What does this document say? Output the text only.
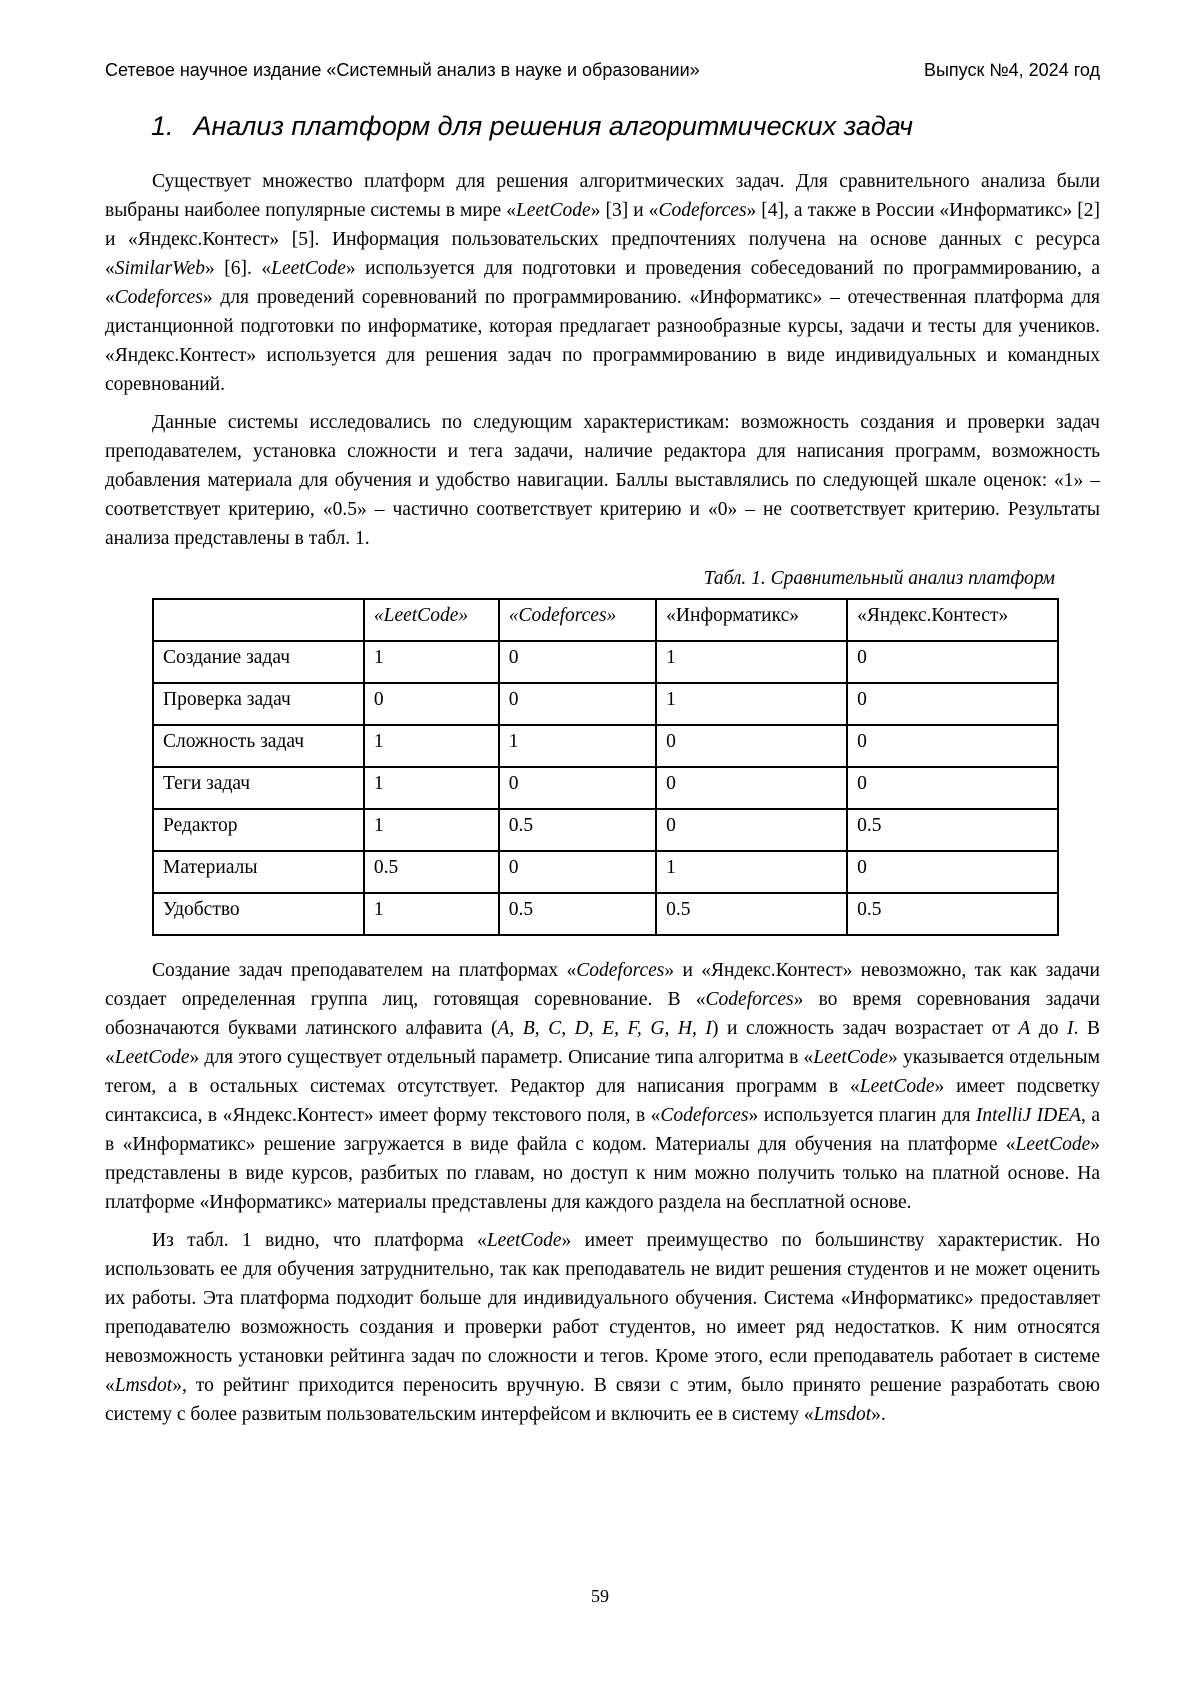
Сетевое научное издание «Системный анализ в науке и образовании»	Выпуск №4, 2024 год
1. Анализ платформ для решения алгоритмических задач

Существует множество платформ для решения алгоритмических задач. Для сравнительного анализа были выбраны наиболее популярные системы в мире «LeetCode» [3] и «Codeforces» [4], а также в России «Информатикс» [2] и «Яндекс.Контест» [5]. Информация пользовательских предпочтениях получена на основе данных с ресурса «SimilarWeb» [6]. «LeetCode» используется для подготовки и проведения собеседований по программированию, а «Codeforces» для проведений соревнований по программированию. «Информатикс» – отечественная платформа для дистанционной подготовки по информатике, которая предлагает разнообразные курсы, задачи и тесты для учеников. «Яндекс.Контест» используется для решения задач по программированию в виде индивидуальных и командных соревнований.

Данные системы исследовались по следующим характеристикам: возможность создания и проверки задач преподавателем, установка сложности и тега задачи, наличие редактора для написания программ, возможность добавления материала для обучения и удобство навигации. Баллы выставлялись по следующей шкале оценок: «1» – соответствует критерию, «0.5» – частично соответствует критерию и «0» – не соответствует критерию. Результаты анализа представлены в табл. 1.

Табл. 1. Сравнительный анализ платформ
	«LeetCode»	«Codeforces»	«Информатикс»	«Яндекс.Контест»
Создание задач	1	0	1	0
Проверка задач	0	0	1	0
Сложность задач	1	1	0	0
Теги задач	1	0	0	0
Редактор	1	0.5	0	0.5
Материалы	0.5	0	1	0
Удобство	1	0.5	0.5	0.5

Создание задач преподавателем на платформах «Codeforces» и «Яндекс.Контест» невозможно, так как задачи создает определенная группа лиц, готовящая соревнование. В «Codeforces» во время соревнования задачи обозначаются буквами латинского алфавита (A, B, C, D, E, F, G, H, I) и сложность задач возрастает от A до I. В «LeetCode» для этого существует отдельный параметр. Описание типа алгоритма в «LeetCode» указывается отдельным тегом, а в остальных системах отсутствует. Редактор для написания программ в «LeetCode» имеет подсветку синтаксиса, в «Яндекс.Контест» имеет форму текстового поля, в «Codeforces» используется плагин для IntelliJ IDEA, а в «Информатикс» решение загружается в виде файла с кодом. Материалы для обучения на платформе «LeetCode» представлены в виде курсов, разбитых по главам, но доступ к ним можно получить только на платной основе. На платформе «Информатикс» материалы представлены для каждого раздела на бесплатной основе.

Из табл. 1 видно, что платформа «LeetCode» имеет преимущество по большинству характеристик. Но использовать ее для обучения затруднительно, так как преподаватель не видит решения студентов и не может оценить их работы. Эта платформа подходит больше для индивидуального обучения. Система «Информатикс» предоставляет преподавателю возможность создания и проверки работ студентов, но имеет ряд недостатков. К ним относятся невозможность установки рейтинга задач по сложности и тегов. Кроме этого, если преподаватель работает в системе «Lmsdot», то рейтинг приходится переносить вручную. В связи с этим, было принято решение разработать свою систему с более развитым пользовательским интерфейсом и включить ее в систему «Lmsdot».

59
